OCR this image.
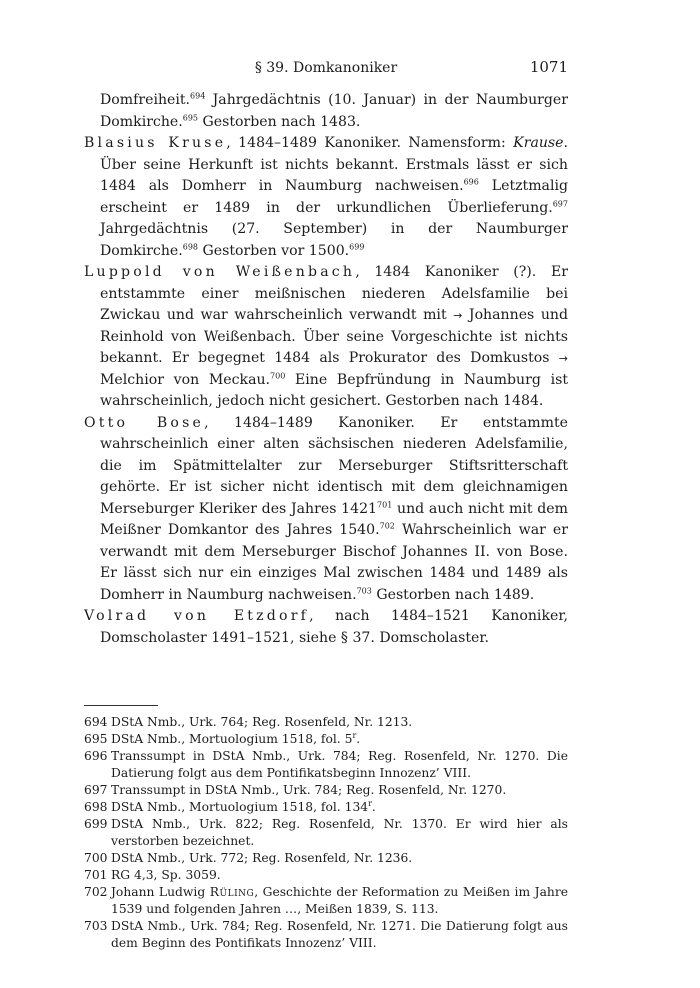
§ 39. Domkanoniker	1071

Domfreiheit.$^{694}$ Jahrgedächtnis (10. Januar) in der Naumburger Domkirche.$^{695}$ Gestorben nach 1483.

Blasius Kruse, 1484–1489 Kanoniker. Namensform: Krause. Über seine Herkunft ist nichts bekannt. Erstmals lässt er sich 1484 als Domherr in Naumburg nachweisen.$^{696}$ Letztmalig erscheint er 1489 in der urkundlichen Überlieferung.$^{697}$ Jahrgedächtnis (27. September) in der Naumburger Domkirche.$^{698}$ Gestorben vor 1500.$^{699}$

Luppold von Weißenbach, 1484 Kanoniker (?). Er entstammte einer meißnischen niederen Adelsfamilie bei Zwickau und war wahrscheinlich verwandt mit → Johannes und Reinhold von Weißenbach. Über seine Vorgeschichte ist nichts bekannt. Er begegnet 1484 als Prokurator des Domkustos → Melchior von Meckau.$^{700}$ Eine Bepfründung in Naumburg ist wahrscheinlich, jedoch nicht gesichert. Gestorben nach 1484.

Otto Bose, 1484–1489 Kanoniker. Er entstammte wahrscheinlich einer alten sächsischen niederen Adelsfamilie, die im Spätmittelalter zur Merseburger Stiftsritterschaft gehörte. Er ist sicher nicht identisch mit dem gleichnamigen Merseburger Kleriker des Jahres 1421$^{701}$ und auch nicht mit dem Meißner Domkantor des Jahres 1540.$^{702}$ Wahrscheinlich war er verwandt mit dem Merseburger Bischof Johannes II. von Bose. Er lässt sich nur ein einziges Mal zwischen 1484 und 1489 als Domherr in Naumburg nachweisen.$^{703}$ Gestorben nach 1489.

Volrad von Etzdorf, nach 1484–1521 Kanoniker, Domscholaster 1491–1521, siehe § 37. Domscholaster.

694 DStA Nmb., Urk. 764; Reg. Rosenfeld, Nr. 1213.
695 DStA Nmb., Mortuologium 1518, fol. 5$^r$.
696 Transsumpt in DStA Nmb., Urk. 784; Reg. Rosenfeld, Nr. 1270. Die Datierung folgt aus dem Pontifikatsbeginn Innozenz’ VIII.
697 Transsumpt in DStA Nmb., Urk. 784; Reg. Rosenfeld, Nr. 1270.
698 DStA Nmb., Mortuologium 1518, fol. 134$^r$.
699 DStA Nmb., Urk. 822; Reg. Rosenfeld, Nr. 1370. Er wird hier als verstorben bezeichnet.
700 DStA Nmb., Urk. 772; Reg. Rosenfeld, Nr. 1236.
701 RG 4,3, Sp. 3059.
702 Johann Ludwig Rüling, Geschichte der Reformation zu Meißen im Jahre 1539 und folgenden Jahren …, Meißen 1839, S. 113.
703 DStA Nmb., Urk. 784; Reg. Rosenfeld, Nr. 1271. Die Datierung folgt aus dem Beginn des Pontifikats Innozenz’ VIII.
